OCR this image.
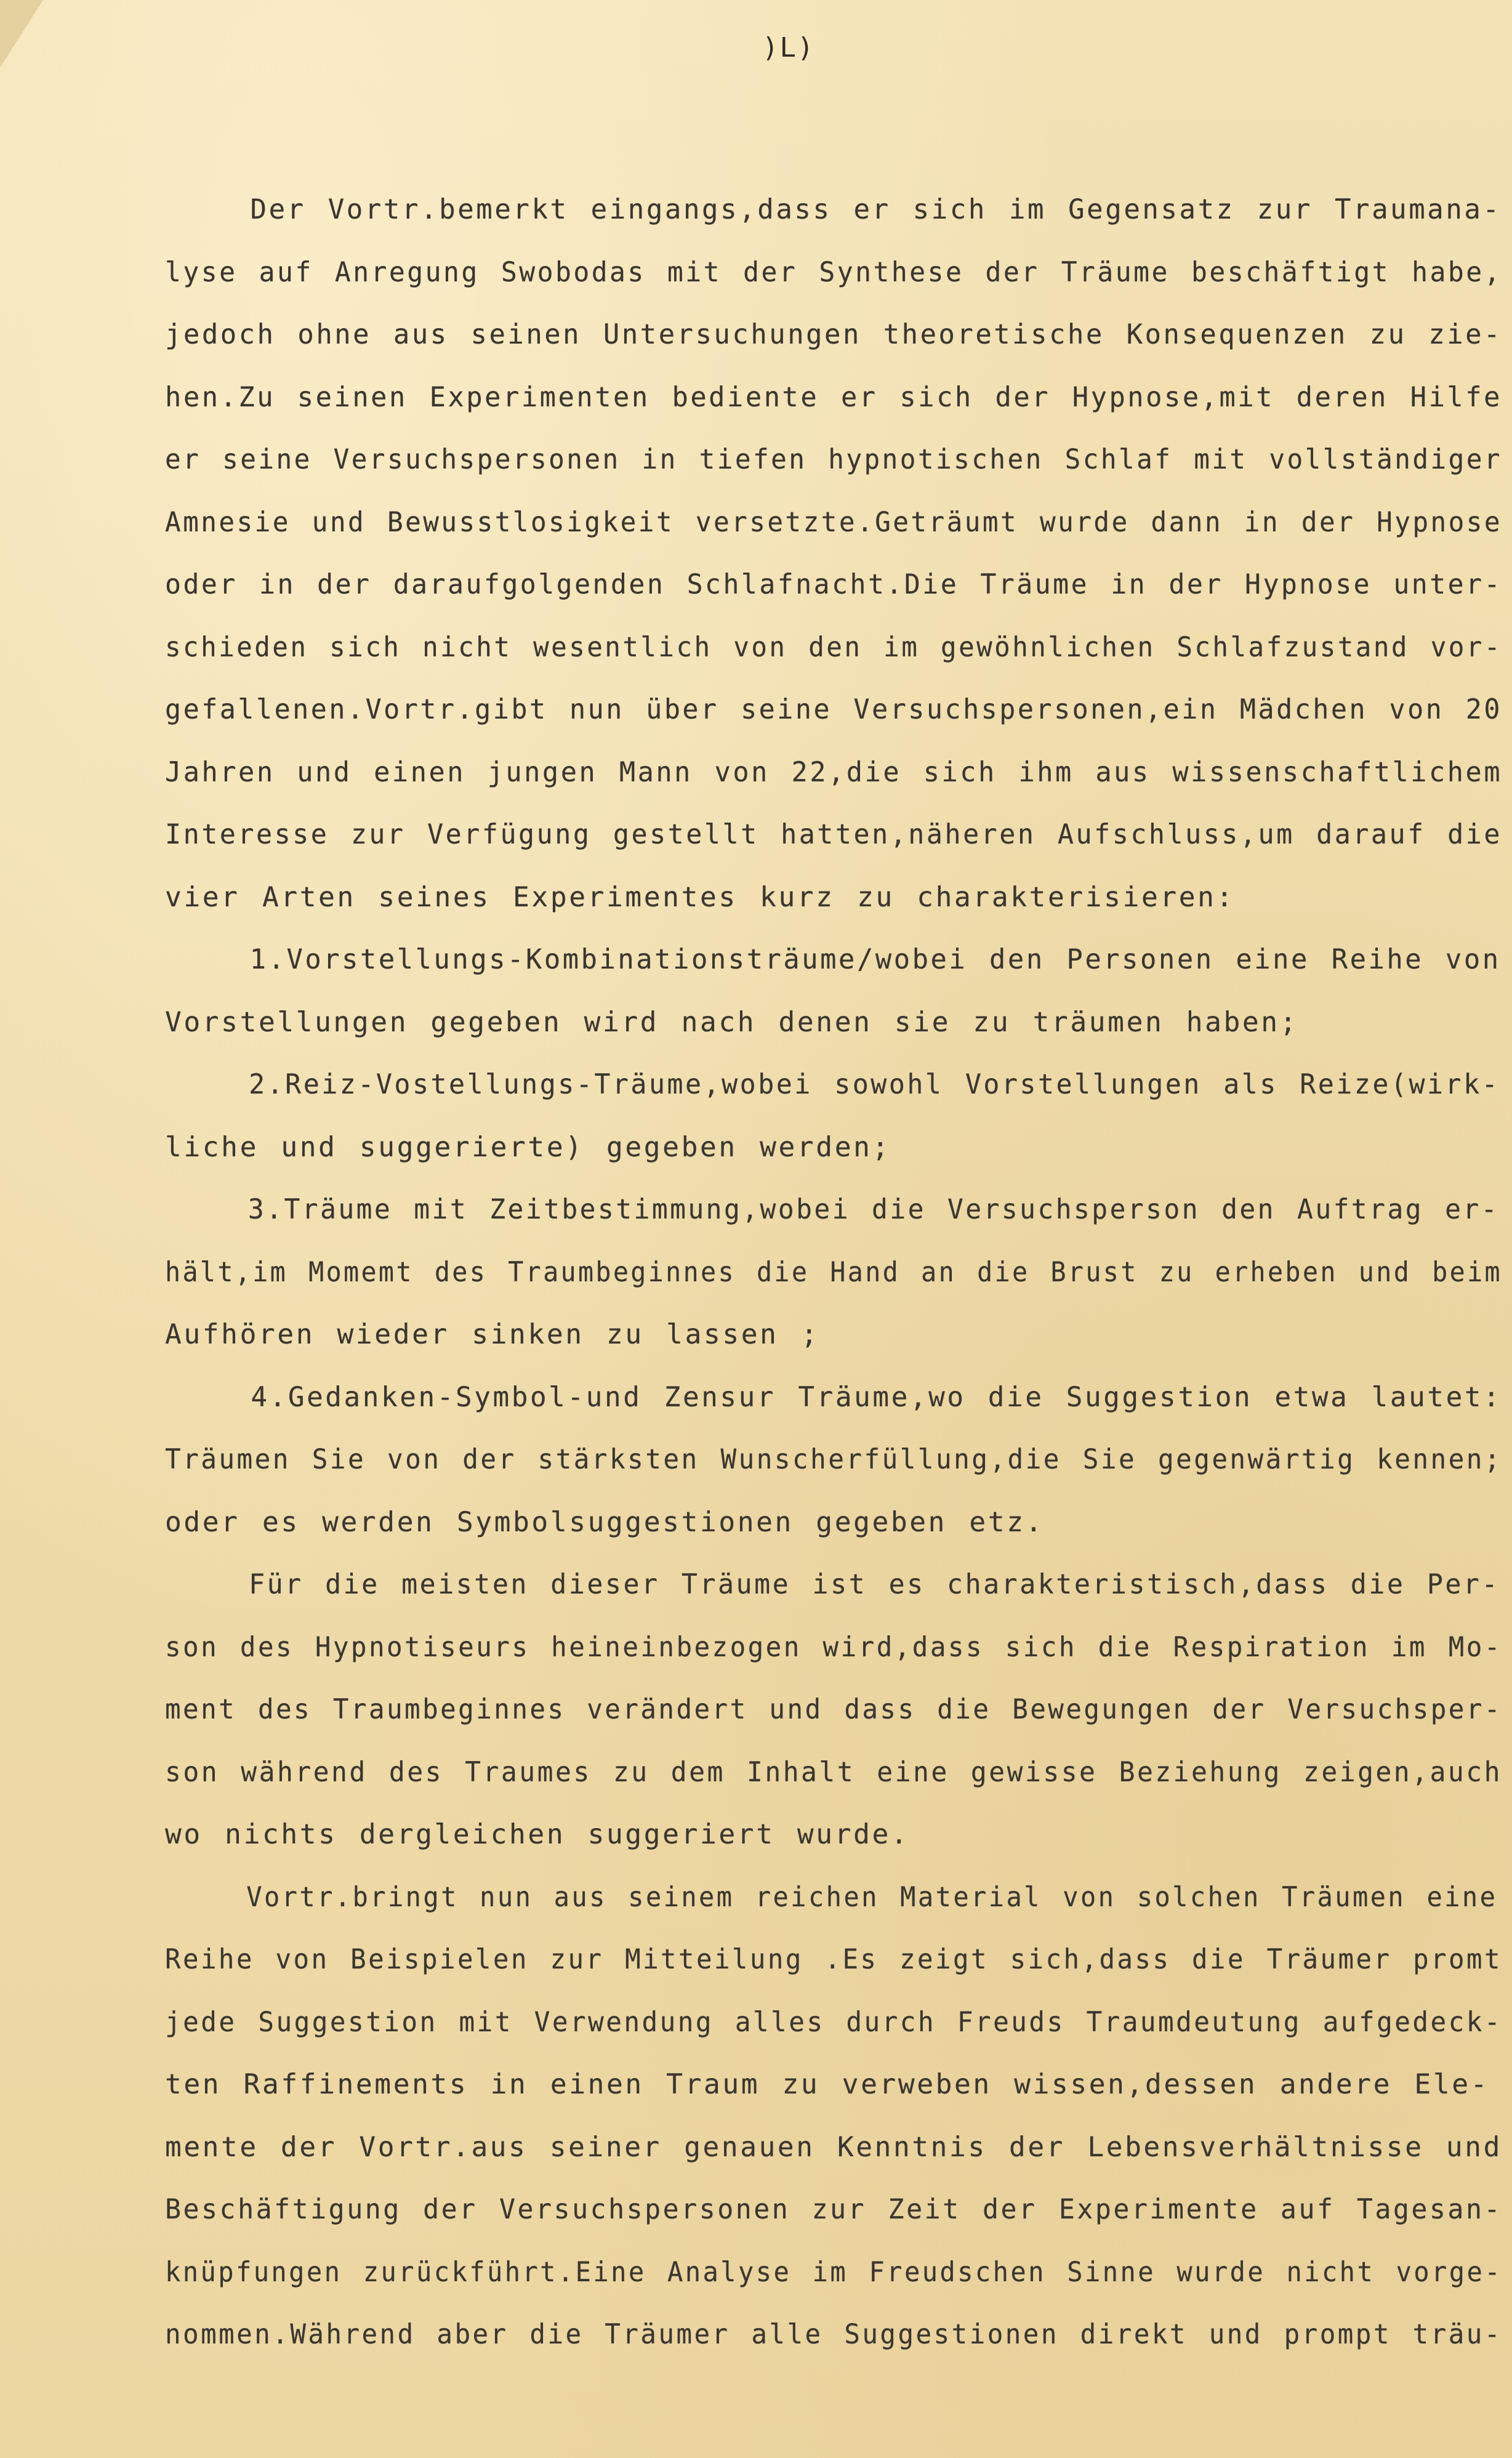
)L)
Der Vortr.bemerkt eingangs,dass er sich im Gegensatz zur Traumana-
lyse auf Anregung Swobodas mit der Synthese der Träume beschäftigt habe,
jedoch ohne aus seinen Untersuchungen theoretische Konsequenzen zu zie-
hen.Zu seinen Experimenten bediente er sich der Hypnose,mit deren Hilfe
er seine Versuchspersonen in tiefen hypnotischen Schlaf mit vollständiger
Amnesie und Bewusstlosigkeit versetzte.Geträumt wurde dann in der Hypnose
oder in der daraufgolgenden Schlafnacht.Die Träume in der Hypnose unter-
schieden sich nicht wesentlich von den im gewöhnlichen Schlafzustand vor-
gefallenen.Vortr.gibt nun über seine Versuchspersonen,ein Mädchen von 20
Jahren und einen jungen Mann von 22,die sich ihm aus wissenschaftlichem
Interesse zur Verfügung gestellt hatten,näheren Aufschluss,um darauf die
vier Arten seines Experimentes kurz zu charakterisieren:
1.Vorstellungs-Kombinationsträume/wobei den Personen eine Reihe von
Vorstellungen gegeben wird nach denen sie zu träumen haben;
2.Reiz-Vostellungs-Träume,wobei sowohl Vorstellungen als Reize(wirk-
liche und suggerierte) gegeben werden;
3.Träume mit Zeitbestimmung,wobei die Versuchsperson den Auftrag er-
hält,im Momemt des Traumbeginnes die Hand an die Brust zu erheben und beim
Aufhören wieder sinken zu lassen ;
4.Gedanken-Symbol-und Zensur Träume,wo die Suggestion etwa lautet:
Träumen Sie von der stärksten Wunscherfüllung,die Sie gegenwärtig kennen;
oder es werden Symbolsuggestionen gegeben etz.
Für die meisten dieser Träume ist es charakteristisch,dass die Per-
son des Hypnotiseurs heineinbezogen wird,dass sich die Respiration im Mo-
ment des Traumbeginnes verändert und dass die Bewegungen der Versuchsper-
son während des Traumes zu dem Inhalt eine gewisse Beziehung zeigen,auch
wo nichts dergleichen suggeriert wurde.
Vortr.bringt nun aus seinem reichen Material von solchen Träumen eine
Reihe von Beispielen zur Mitteilung .Es zeigt sich,dass die Träumer promt
jede Suggestion mit Verwendung alles durch Freuds Traumdeutung aufgedeck-
ten Raffinements in einen Traum zu verweben wissen,dessen andere Ele-
mente der Vortr.aus seiner genauen Kenntnis der Lebensverhältnisse und
Beschäftigung der Versuchspersonen zur Zeit der Experimente auf Tagesan-
knüpfungen zurückführt.Eine Analyse im Freudschen Sinne wurde nicht vorge-
nommen.Während aber die Träumer alle Suggestionen direkt und prompt träu-
